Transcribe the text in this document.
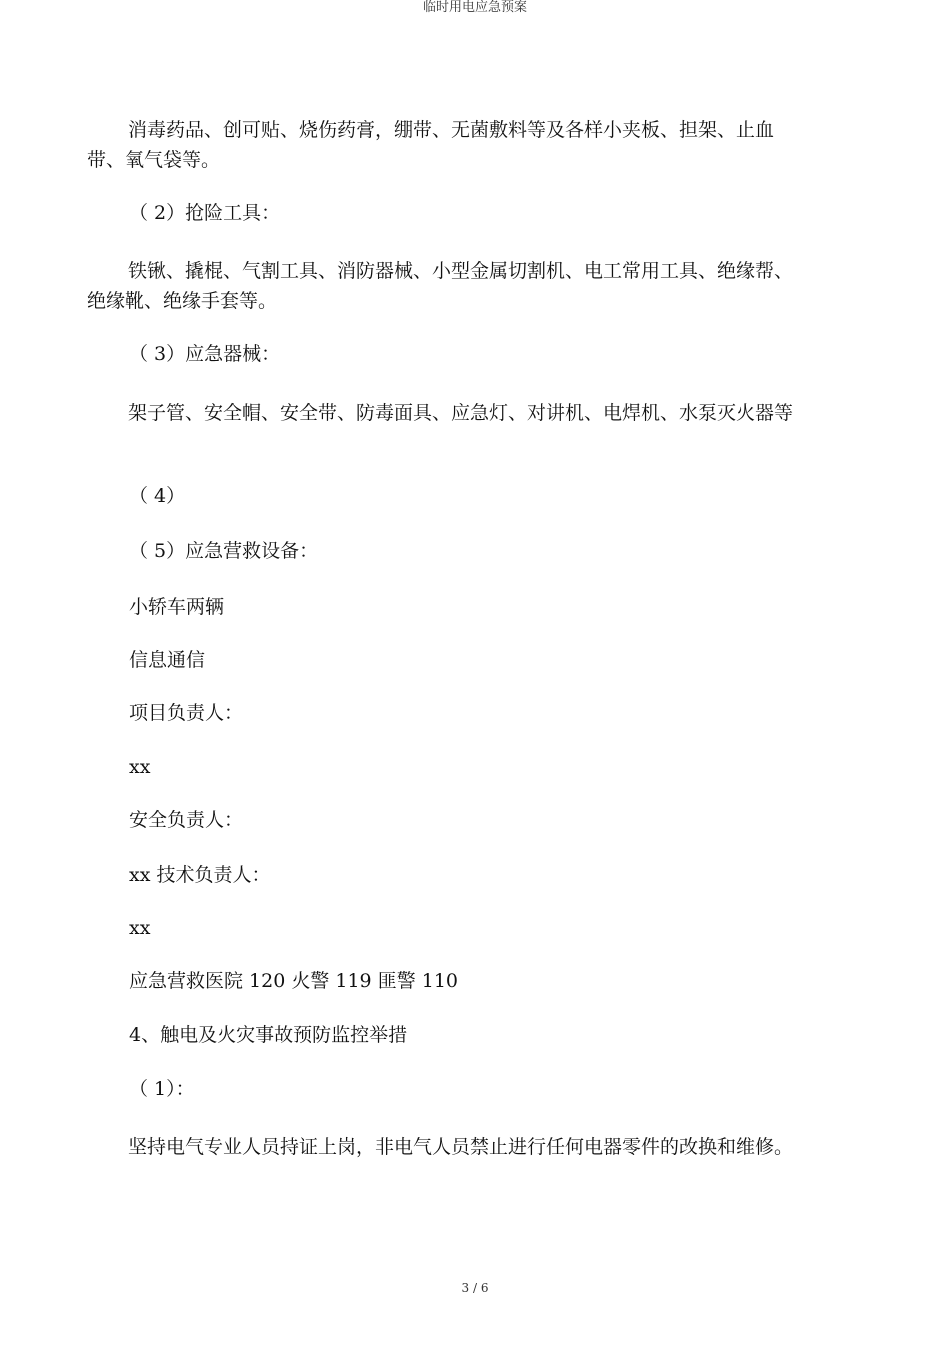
临时用电应急预案
消毒药品、创可贴、烧伤药膏，绷带、无菌敷料等及各样小夹板、担架、止血带、氧气袋等。
（ 2）抢险工具：
铁锹、撬棍、气割工具、消防器械、小型金属切割机、电工常用工具、绝缘帮、绝缘靴、绝缘手套等。
（ 3）应急器械：
架子管、安全帽、安全带、防毒面具、应急灯、对讲机、电焊机、水泵灭火器等
（ 4）
（ 5）应急营救设备：
小轿车两辆
信息通信
项目负责人：
xx
安全负责人：
xx 技术负责人：
xx
应急营救医院 120 火警 119 匪警 110
4、触电及火灾事故预防监控举措
（ 1）：
坚持电气专业人员持证上岗，非电气人员禁止进行任何电器零件的改换和维修。
3 / 6
